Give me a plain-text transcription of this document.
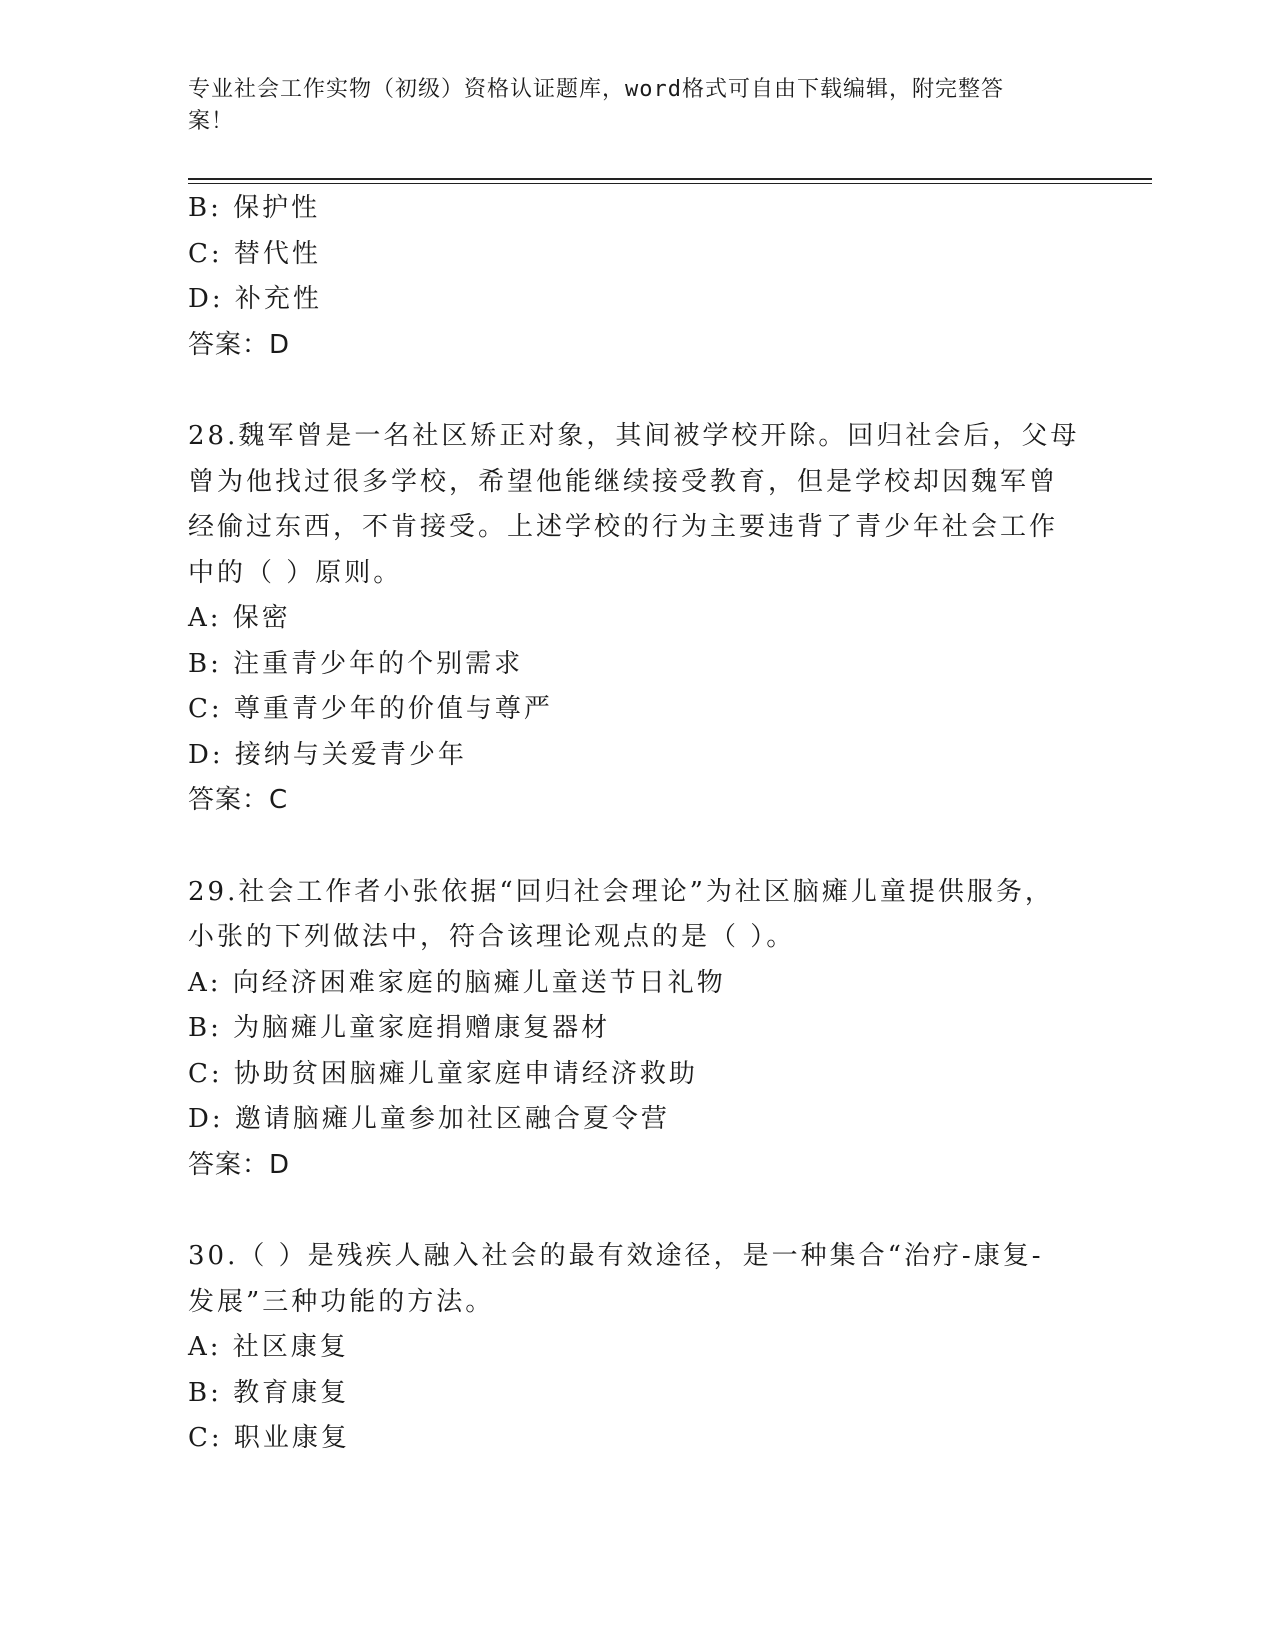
专业社会工作实物（初级）资格认证题库，word格式可自由下载编辑，附完整答
案！
B: 保护性
C: 替代性
D: 补充性
答案：D
28.魏军曾是一名社区矫正对象，其间被学校开除。回归社会后，父母
曾为他找过很多学校，希望他能继续接受教育，但是学校却因魏军曾
经偷过东西，不肯接受。上述学校的行为主要违背了青少年社会工作
中的（ ）原则。
A: 保密
B: 注重青少年的个别需求
C: 尊重青少年的价值与尊严
D: 接纳与关爱青少年
答案：C
29.社会工作者小张依据“回归社会理论”为社区脑瘫儿童提供服务，
小张的下列做法中，符合该理论观点的是（ ）。
A: 向经济困难家庭的脑瘫儿童送节日礼物
B: 为脑瘫儿童家庭捐赠康复器材
C: 协助贫困脑瘫儿童家庭申请经济救助
D: 邀请脑瘫儿童参加社区融合夏令营
答案：D
30.（ ）是残疾人融入社会的最有效途径，是一种集合“治疗-康复-
发展”三种功能的方法。
A: 社区康复
B: 教育康复
C: 职业康复
